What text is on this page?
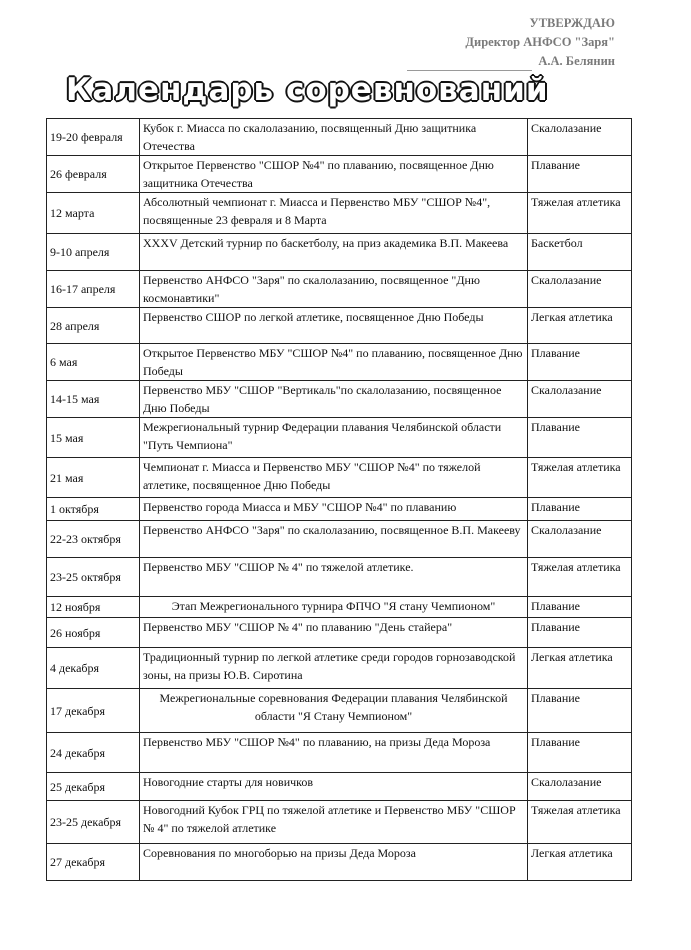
УТВЕРЖДАЮ
Директор АНФСО "Заря"
А.А. Белянин
Календарь соревнований
19-20 февраля	Кубок г. Миасса по скалолазанию, посвященный Дню защитника Отечества	Скалолазание
26 февраля	Открытое Первенство "СШОР №4" по плаванию, посвященное Дню защитника Отечества	Плавание
12 марта	Абсолютный чемпионат г. Миасса и Первенство МБУ "СШОР №4", посвященные 23 февраля и 8 Марта	Тяжелая атлетика
9-10 апреля	XXXV Детский турнир по баскетболу, на приз академика В.П. Макеева	Баскетбол
16-17 апреля	Первенство АНФСО "Заря" по скалолазанию, посвященное "Дню космонавтики"	Скалолазание
28 апреля	Первенство СШОР по легкой атлетике, посвященное Дню Победы	Легкая атлетика
6 мая	Открытое Первенство МБУ "СШОР №4" по плаванию, посвященное Дню Победы	Плавание
14-15 мая	Первенство МБУ "СШОР "Вертикаль"по скалолазанию, посвященное Дню Победы	Скалолазание
15 мая	Межрегиональный турнир Федерации плавания Челябинской области "Путь Чемпиона"	Плавание
21 мая	Чемпионат г. Миасса и Первенство МБУ "СШОР №4" по тяжелой атлетике, посвященное Дню Победы	Тяжелая атлетика
1 октября	Первенство города Миасса и МБУ "СШОР №4" по плаванию	Плавание
22-23 октября	Первенство АНФСО "Заря" по скалолазанию, посвященное В.П. Макееву	Скалолазание
23-25 октября	Первенство МБУ "СШОР № 4" по тяжелой атлетике.	Тяжелая атлетика
12 ноября	Этап Межрегионального турнира ФПЧО "Я стану Чемпионом"	Плавание
26 ноября	Первенство МБУ "СШОР № 4" по плаванию "День стайера"	Плавание
4 декабря	Традиционный турнир по легкой атлетике среди городов горнозаводской зоны, на призы Ю.В. Сиротина	Легкая атлетика
17 декабря	Межрегиональные соревнования Федерации плавания Челябинской области "Я Стану Чемпионом"	Плавание
24 декабря	Первенство МБУ "СШОР №4" по плаванию, на призы Деда Мороза	Плавание
25 декабря	Новогодние старты для новичков	Скалолазание
23-25 декабря	Новогодний Кубок ГРЦ по тяжелой атлетике и Первенство МБУ "СШОР № 4" по тяжелой атлетике	Тяжелая атлетика
27 декабря	Соревнования по многоборью на призы Деда Мороза	Легкая атлетика
